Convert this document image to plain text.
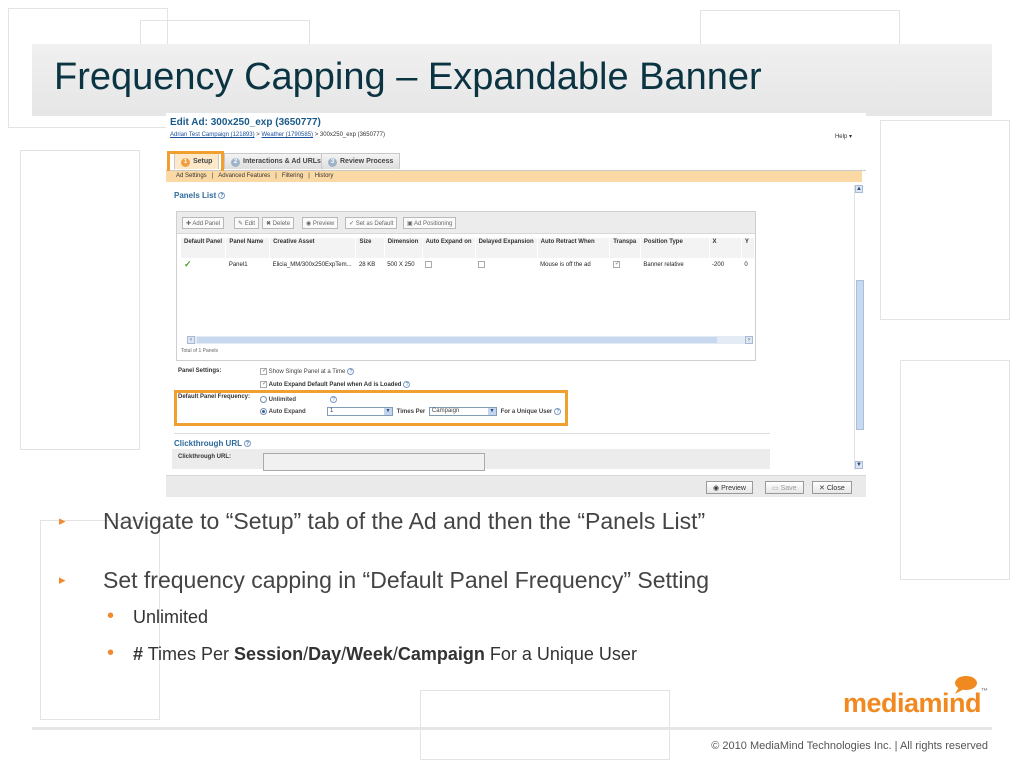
Frequency Capping – Expandable Banner
Edit Ad: 300x250_exp (3650777)
Adrian Test Campaign (121893) > Weather (1790585) > 300x250_exp (3650777)	Help ▾
1 Setup	2 Interactions & Ad URLs	3 Review Process
Ad Settings | Advanced Features | Filtering | History
Panels List ?
✚ Add Panel	✎ Edit	✖ Delete	◉ Preview	✓ Set as Default	▣ Ad Positioning
Default Panel	Panel Name	Creative Asset	Size	Dimension	Auto Expand on	Delayed Expansion	Auto Retract When	Transpa	Position Type	X	Y
✓	Panel1	Elicia_MM/300x250ExpTem...	28 KB	500 X 250			Mouse is off the ad	✓	Banner relative	-200	0
‹	›
Total of 1 Panels
Panel Settings: ✓	Show Single Panel at a Time ?
✓ Auto Expand Default Panel when Ad is Loaded ?
Default Panel Frequency:
Unlimited	?
Auto Expand	1	▼ Times Per Campaign	▼ For a Unique User ?
Clickthrough URL ?
Clickthrough URL:
▲
▼
◉ Preview	▭ Save	✕ Close
▸ Navigate to “Setup” tab of the Ad and then the “Panels List”
▸ Set frequency capping in “Default Panel Frequency” Setting
• Unlimited
• # Times Per Session/Day/Week/Campaign For a Unique User
mediamind™
© 2010 MediaMind Technologies Inc. | All rights reserved
